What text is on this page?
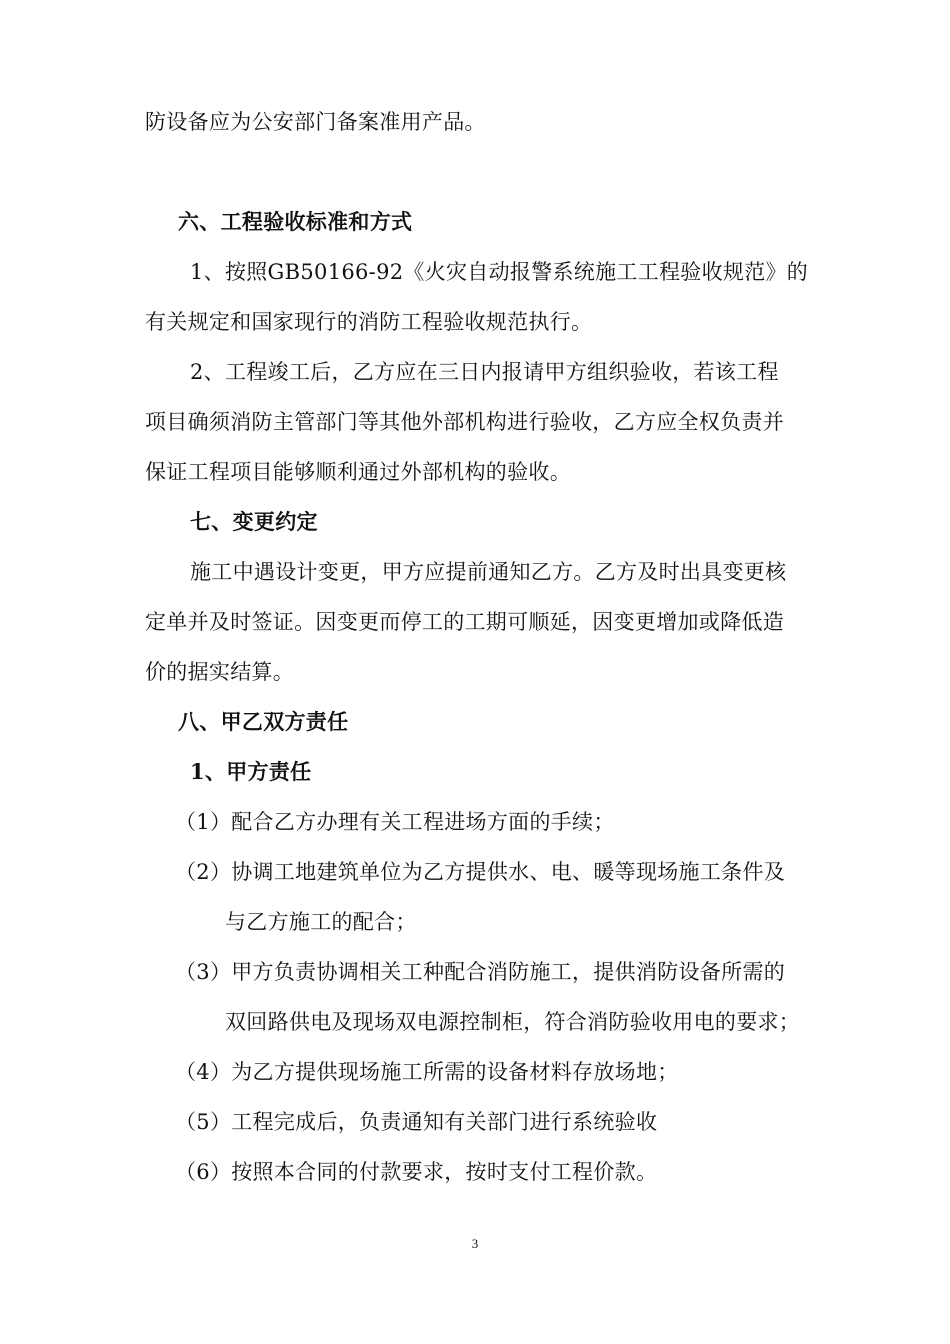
防设备应为公安部门备案准用产品。
六、工程验收标准和方式
1、按照GB50166-92《火灾自动报警系统施工工程验收规范》的
有关规定和国家现行的消防工程验收规范执行。
2、工程竣工后，乙方应在三日内报请甲方组织验收，若该工程
项目确须消防主管部门等其他外部机构进行验收，乙方应全权负责并
保证工程项目能够顺利通过外部机构的验收。
七、变更约定
施工中遇设计变更，甲方应提前通知乙方。乙方及时出具变更核
定单并及时签证。因变更而停工的工期可顺延，因变更增加或降低造
价的据实结算。
八、甲乙双方责任
1、甲方责任
（1）配合乙方办理有关工程进场方面的手续；
（2）协调工地建筑单位为乙方提供水、电、暖等现场施工条件及
与乙方施工的配合；
（3）甲方负责协调相关工种配合消防施工，提供消防设备所需的
双回路供电及现场双电源控制柜，符合消防验收用电的要求；
（4）为乙方提供现场施工所需的设备材料存放场地；
（5）工程完成后，负责通知有关部门进行系统验收
（6）按照本合同的付款要求，按时支付工程价款。
3
